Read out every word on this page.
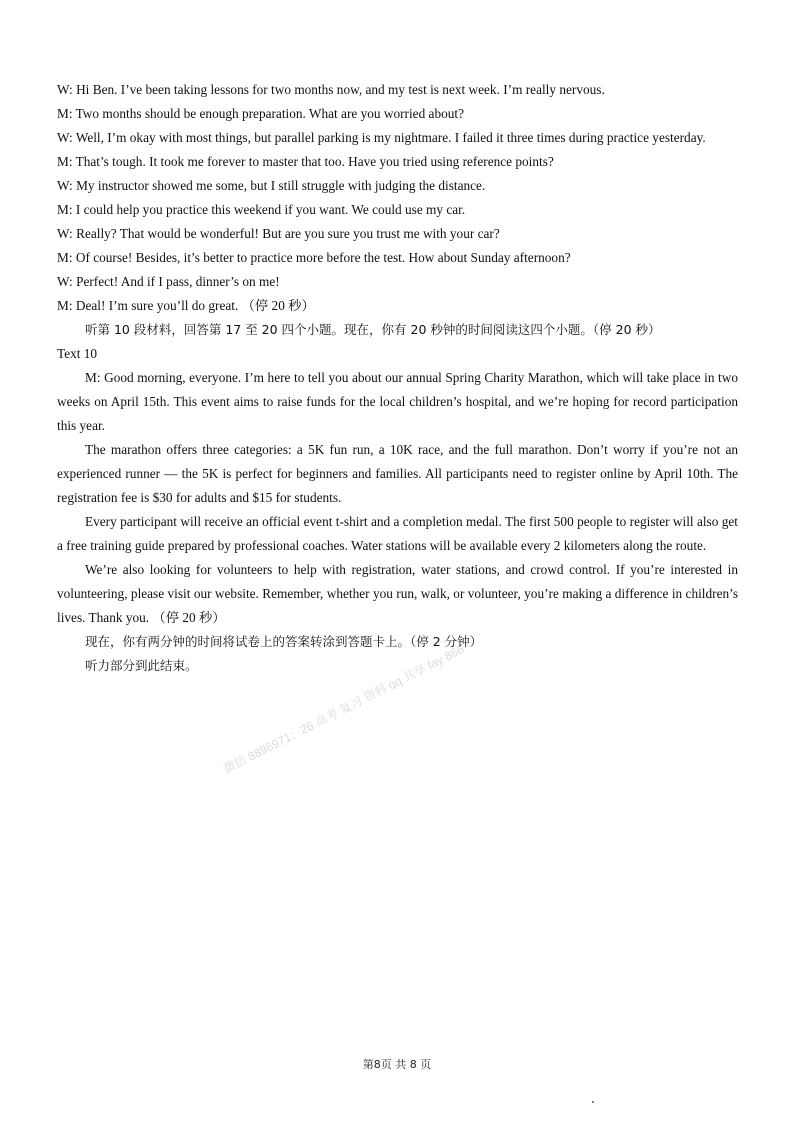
W: Hi Ben. I’ve been taking lessons for two months now, and my test is next week. I’m really nervous.

M: Two months should be enough preparation. What are you worried about?

W: Well, I’m okay with most things, but parallel parking is my nightmare. I failed it three times during practice yesterday.

M: That’s tough. It took me forever to master that too. Have you tried using reference points?

W: My instructor showed me some, but I still struggle with judging the distance.

M: I could help you practice this weekend if you want. We could use my car.

W: Really? That would be wonderful! But are you sure you trust me with your car?

M: Of course! Besides, it’s better to practice more before the test. How about Sunday afternoon?

W: Perfect! And if I pass, dinner’s on me!

M: Deal! I’m sure you’ll do great. （停 20 秒）

听第 10 段材料，回答第 17 至 20 四个小题。现在，你有 20 秒钟的时间阅读这四个小题。（停 20 秒）

Text 10

M: Good morning, everyone. I’m here to tell you about our annual Spring Charity Marathon, which will take place in two weeks on April 15th. This event aims to raise funds for the local children’s hospital, and we’re hoping for record participation this year.

The marathon offers three categories: a 5K fun run, a 10K race, and the full marathon. Don’t worry if you’re not an experienced runner — the 5K is perfect for beginners and families. All participants need to register online by April 10th. The registration fee is $30 for adults and $15 for students.

Every participant will receive an official event t-shirt and a completion medal. The first 500 people to register will also get a free training guide prepared by professional coaches. Water stations will be available every 2 kilometers along the route.

We’re also looking for volunteers to help with registration, water stations, and crowd control. If you’re interested in volunteering, please visit our website. Remember, whether you run, walk, or volunteer, you’re making a difference in children’s lives. Thank you. （停 20 秒）

现在，你有两分钟的时间将试卷上的答案转涂到答题卡上。（停 2 分钟）

听力部分到此结束。	微信 8896971；26 高考 复习 资料 qq 共享 fay 866
第8页 共 8 页
